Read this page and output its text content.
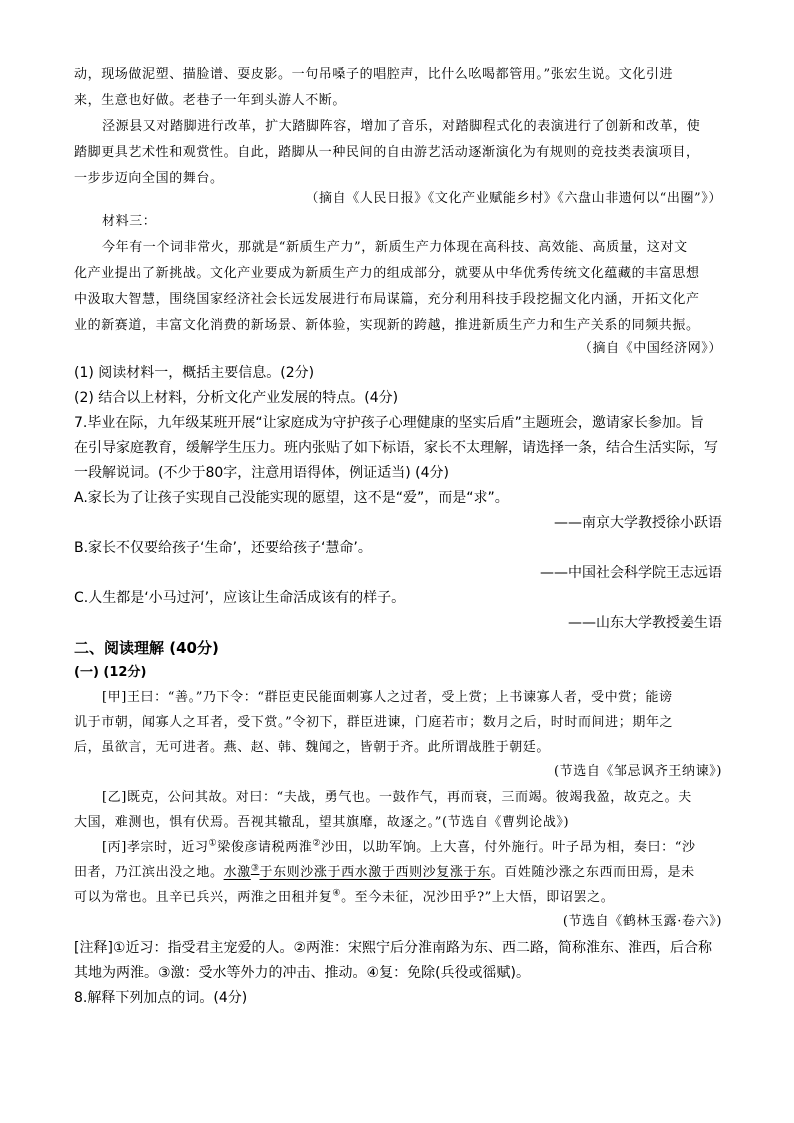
动，现场做泥塑、描脸谱、耍皮影。一句吊嗓子的唱腔声，比什么吆喝都管用。”张宏生说。文化引进

来，生意也好做。老巷子一年到头游人不断。

泾源县又对踏脚进行改革，扩大踏脚阵容，增加了音乐，对踏脚程式化的表演进行了创新和改革，使

踏脚更具艺术性和观赏性。自此，踏脚从一种民间的自由游艺活动逐渐演化为有规则的竞技类表演项目，

一步步迈向全国的舞台。

（摘自《人民日报》《文化产业赋能乡村》《六盘山非遗何以“出圈”》）

材料三：

今年有一个词非常火，那就是“新质生产力”，新质生产力体现在高科技、高效能、高质量，这对文

化产业提出了新挑战。文化产业要成为新质生产力的组成部分，就要从中华优秀传统文化蕴藏的丰富思想

中汲取大智慧，围绕国家经济社会长远发展进行布局谋篇，充分利用科技手段挖掘文化内涵，开拓文化产

业的新赛道，丰富文化消费的新场景、新体验，实现新的跨越，推进新质生产力和生产关系的同频共振。

（摘自《中国经济网》）

(1) 阅读材料一，概括主要信息。(2分)

(2) 结合以上材料，分析文化产业发展的特点。(4分)

7.毕业在际，九年级某班开展“让家庭成为守护孩子心理健康的坚实后盾”主题班会，邀请家长参加。旨

在引导家庭教育，缓解学生压力。班内张贴了如下标语，家长不太理解，请选择一条，结合生活实际，写

一段解说词。(不少于80字，注意用语得体，例证适当) (4分)

A.家长为了让孩子实现自己没能实现的愿望，这不是“爱”，而是“求”。

——南京大学教授徐小跃语

B.家长不仅要给孩子‘生命’，还要给孩子‘慧命’。

——中国社会科学院王志远语

C.人生都是‘小马过河’，应该让生命活成该有的样子。

——山东大学教授姜生语

二、阅读理解 (40分)

(一) (12分)

[甲]王曰：“善。”乃下令：“群臣吏民能面刺寡人之过者，受上赏；上书谏寡人者，受中赏；能谤

讥于市朝，闻寡人之耳者，受下赏。”令初下，群臣进谏，门庭若市；数月之后，时时而间进；期年之

后，虽欲言，无可进者。燕、赵、韩、魏闻之，皆朝于齐。此所谓战胜于朝廷。

(节选自《邹忌讽齐王纳谏》)

[乙]既克，公问其故。对曰：“夫战，勇气也。一鼓作气，再而衰，三而竭。彼竭我盈，故克之。夫

大国，难测也，惧有伏焉。吾视其辙乱，望其旗靡，故逐之。”(节选自《曹刿论战》)

[丙]孝宗时，近习①梁俊彦请税两淮②沙田，以助军饷。上大喜，付外施行。叶子昂为相，奏曰：“沙

田者，乃江滨出没之地。水激③于东则沙涨于西水激于西则沙复涨于东。百姓随沙涨之东西而田焉，是未

可以为常也。且辛已兵兴，两淮之田租并复④。至今未征，况沙田乎?”上大悟，即诏罢之。

(节选自《鹤林玉露·卷六》)

[注释]①近习：指受君主宠爱的人。②两淮：宋熙宁后分淮南路为东、西二路，简称淮东、淮西，后合称

其地为两淮。③激：受水等外力的冲击、推动。④复：免除(兵役或徭赋)。

8.解释下列加点的词。(4分)
